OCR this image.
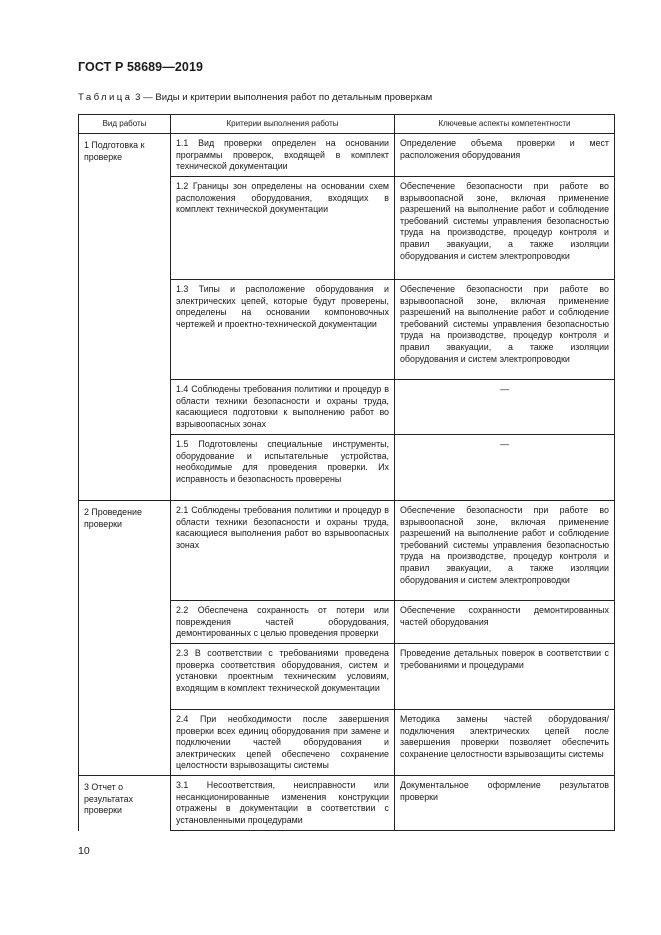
ГОСТ Р 58689—2019
Таблица 3 — Виды и критерии выполнения работ по детальным проверкам
Вид работы	Критерии выполнения работы	Ключевые аспекты компетентности
1 Подготовка к проверке	1.1 Вид проверки определен на основании программы проверок, входящей в комплект технической документации	Определение объема проверки и мест расположения оборудования
	1.2 Границы зон определены на основании схем расположения оборудования, входящих в комплект технической документации	Обеспечение безопасности при работе во взрывоопасной зоне, включая применение разрешений на выполнение работ и соблюдение требований системы управления безопасностью труда на производстве, процедур контроля и правил эвакуации, а также изоляции оборудования и систем электропроводки
	1.3 Типы и расположение оборудования и электрических цепей, которые будут проверены, определены на основании компоновочных чертежей и проектно-технической документации	Обеспечение безопасности при работе во взрывоопасной зоне, включая применение разрешений на выполнение работ и соблюдение требований системы управления безопасностью труда на производстве, процедур контроля и правил эвакуации, а также изоляции оборудования и систем электропроводки
	1.4 Соблюдены требования политики и процедур в области техники безопасности и охраны труда, касающиеся подготовки к выполнению работ во взрывоопасных зонах	—
	1.5 Подготовлены специальные инструменты, оборудование и испытательные устройства, необходимые для проведения проверки. Их исправность и безопасность проверены	—
2 Проведение проверки	2.1 Соблюдены требования политики и процедур в области техники безопасности и охраны труда, касающиеся выполнения работ во взрывоопасных зонах	Обеспечение безопасности при работе во взрывоопасной зоне, включая применение разрешений на выполнение работ и соблюдение требований системы управления безопасностью труда на производстве, процедур контроля и правил эвакуации, а также изоляции оборудования и систем электропроводки
	2.2 Обеспечена сохранность от потери или повреждения частей оборудования, демонтированных с целью проведения проверки	Обеспечение сохранности демонтированных частей оборудования
	2.3 В соответствии с требованиями проведена проверка соответствия оборудования, систем и установки проектным техническим условиям, входящим в комплект технической документации	Проведение детальных поверок в соответствии с требованиями и процедурами
	2.4 При необходимости после завершения проверки всех единиц оборудования при замене и подключении частей оборудования и электрических цепей обеспечено сохранение целостности взрывозащиты системы	Методика замены частей оборудования/подключения электрических цепей после завершения проверки позволяет обеспечить сохранение целостности взрывозащиты системы
3 Отчет о результатах проверки	3.1 Несоответствия, неисправности или несанкционированные изменения конструкции отражены в документации в соответствии с установленными процедурами	Документальное оформление результатов проверки
10
